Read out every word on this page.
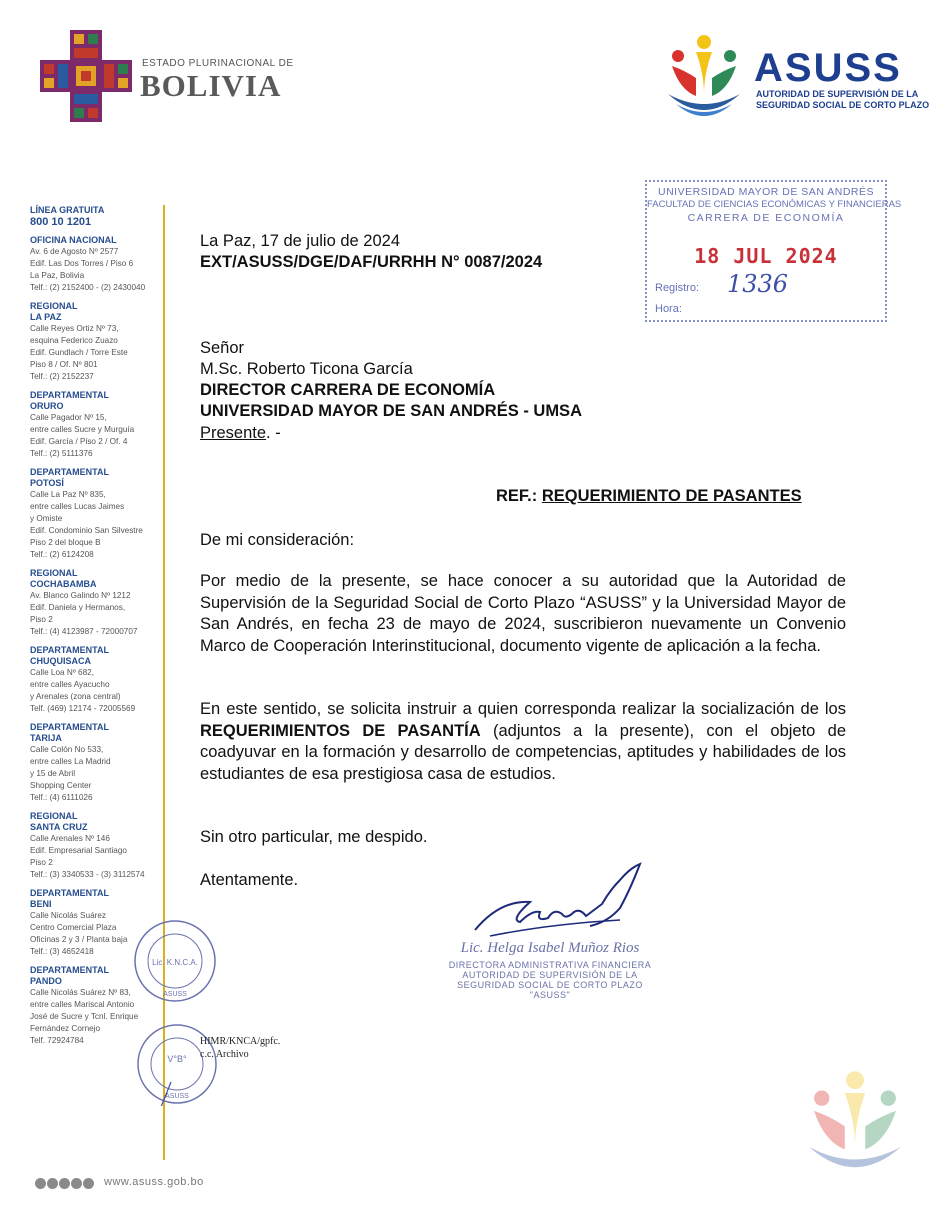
ESTADO PLURINACIONAL DE
BOLIVIA	ASUSS
AUTORIDAD DE SUPERVISIÓN DE LA
SEGURIDAD SOCIAL DE CORTO PLAZO
LÍNEA GRATUITA
800 10 1201
OFICINA NACIONAL
Av. 6 de Agosto Nº 2577
Edif. Las Dos Torres / Piso 6
La Paz, Bolivia
Telf.: (2) 2152400 - (2) 2430040
REGIONAL
LA PAZ
Calle Reyes Ortiz Nº 73,
esquina Federico Zuazo
Edif. Gundlach / Torre Este
Piso 8 / Of. Nº 801
Telf.: (2) 2152237
DEPARTAMENTAL
ORURO
Calle Pagador Nº 15,
entre calles Sucre y Murguía
Edif. García / Piso 2 / Of. 4
Telf.: (2) 5111376
DEPARTAMENTAL
POTOSÍ
Calle La Paz Nº 835,
entre calles Lucas Jaimes
y Omiste
Edif. Condominio San Silvestre
Piso 2 del bloque B
Telf.: (2) 6124208
REGIONAL
COCHABAMBA
Av. Blanco Galindo Nº 1212
Edif. Daniela y Hermanos,
Piso 2
Telf.: (4) 4123987 - 72000707
DEPARTAMENTAL
CHUQUISACA
Calle Loa Nº 682,
entre calles Ayacucho
y Arenales (zona central)
Telf. (469) 12174 - 72005569
DEPARTAMENTAL
TARIJA
Calle Colón No 533,
entre calles La Madrid
y 15 de Abril
Shopping Center
Telf.: (4) 6111026
REGIONAL
SANTA CRUZ
Calle Arenales Nº 146
Edif. Empresarial Santiago
Piso 2
Telf.: (3) 3340533 - (3) 3112574
DEPARTAMENTAL
BENI
Calle Nicolás Suárez
Centro Comercial Plaza
Oficinas 2 y 3 / Planta baja
Telf.: (3) 4652418
DEPARTAMENTAL
PANDO
Calle Nicolás Suárez Nº 83,
entre calles Mariscal Antonio
José de Sucre y Tcnl. Enrique
Fernández Cornejo
Telf. 72924784
La Paz, 17 de julio de 2024
EXT/ASUSS/DGE/DAF/URRHH N° 0087/2024
Señor
M.Sc. Roberto Ticona García
DIRECTOR CARRERA DE ECONOMÍA
UNIVERSIDAD MAYOR DE SAN ANDRÉS - UMSA
Presente. -
REF.: REQUERIMIENTO DE PASANTES
De mi consideración:
Por medio de la presente, se hace conocer a su autoridad que la Autoridad de Supervisión de la Seguridad Social de Corto Plazo “ASUSS” y la Universidad Mayor de San Andrés, en fecha 23 de mayo de 2024, suscribieron nuevamente un Convenio Marco de Cooperación Interinstitucional, documento vigente de aplicación a la fecha.
En este sentido, se solicita instruir a quien corresponda realizar la socialización de los REQUERIMIENTOS DE PASANTÍA (adjuntos a la presente), con el objeto de coadyuvar en la formación y desarrollo de competencias, aptitudes y habilidades de los estudiantes de esa prestigiosa casa de estudios.
Sin otro particular, me despido.
Atentamente.
UNIVERSIDAD MAYOR DE SAN ANDRÉS
FACULTAD DE CIENCIAS ECONÓMICAS Y FINANCIERAS
CARRERA DE ECONOMÍA
18 JUL 2024
Registro: 1336
Hora:
Lic. Helga Isabel Muñoz Rios
DIRECTORA ADMINISTRATIVA FINANCIERA
AUTORIDAD DE SUPERVISIÓN DE LA
SEGURIDAD SOCIAL DE CORTO PLAZO
"ASUSS"
Lic. K.N.C.A.
ASUSS
V°B°
ASUSS
HIMR/KNCA/gpfc.
c.c. Archivo
www.asuss.gob.bo
